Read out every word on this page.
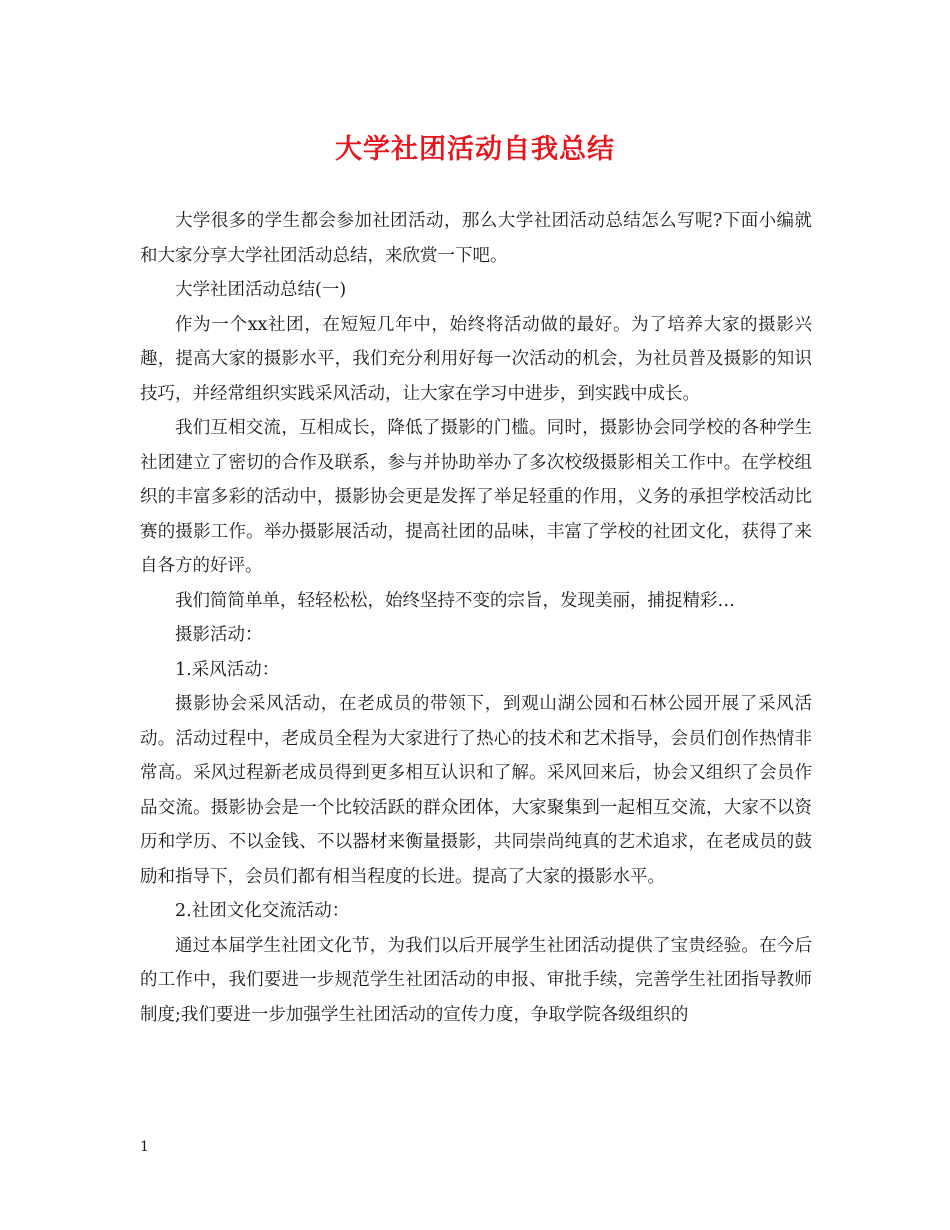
大学社团活动自我总结

大学很多的学生都会参加社团活动，那么大学社团活动总结怎么写呢?下面小编就和大家分享大学社团活动总结，来欣赏一下吧。

大学社团活动总结(一)

作为一个xx社团，在短短几年中，始终将活动做的最好。为了培养大家的摄影兴趣，提高大家的摄影水平，我们充分利用好每一次活动的机会，为社员普及摄影的知识技巧，并经常组织实践采风活动，让大家在学习中进步，到实践中成长。

我们互相交流，互相成长，降低了摄影的门槛。同时，摄影协会同学校的各种学生社团建立了密切的合作及联系，参与并协助举办了多次校级摄影相关工作中。在学校组织的丰富多彩的活动中，摄影协会更是发挥了举足轻重的作用，义务的承担学校活动比赛的摄影工作。举办摄影展活动，提高社团的品味，丰富了学校的社团文化，获得了来自各方的好评。

我们简简单单，轻轻松松，始终坚持不变的宗旨，发现美丽，捕捉精彩…

摄影活动：

1.采风活动：

摄影协会采风活动，在老成员的带领下，到观山湖公园和石林公园开展了采风活动。活动过程中，老成员全程为大家进行了热心的技术和艺术指导，会员们创作热情非常高。采风过程新老成员得到更多相互认识和了解。采风回来后，协会又组织了会员作品交流。摄影协会是一个比较活跃的群众团体，大家聚集到一起相互交流，大家不以资历和学历、不以金钱、不以器材来衡量摄影，共同崇尚纯真的艺术追求，在老成员的鼓励和指导下，会员们都有相当程度的长进。提高了大家的摄影水平。

2.社团文化交流活动：

通过本届学生社团文化节，为我们以后开展学生社团活动提供了宝贵经验。在今后的工作中，我们要进一步规范学生社团活动的申报、审批手续，完善学生社团指导教师制度;我们要进一步加强学生社团活动的宣传力度，争取学院各级组织的

1
